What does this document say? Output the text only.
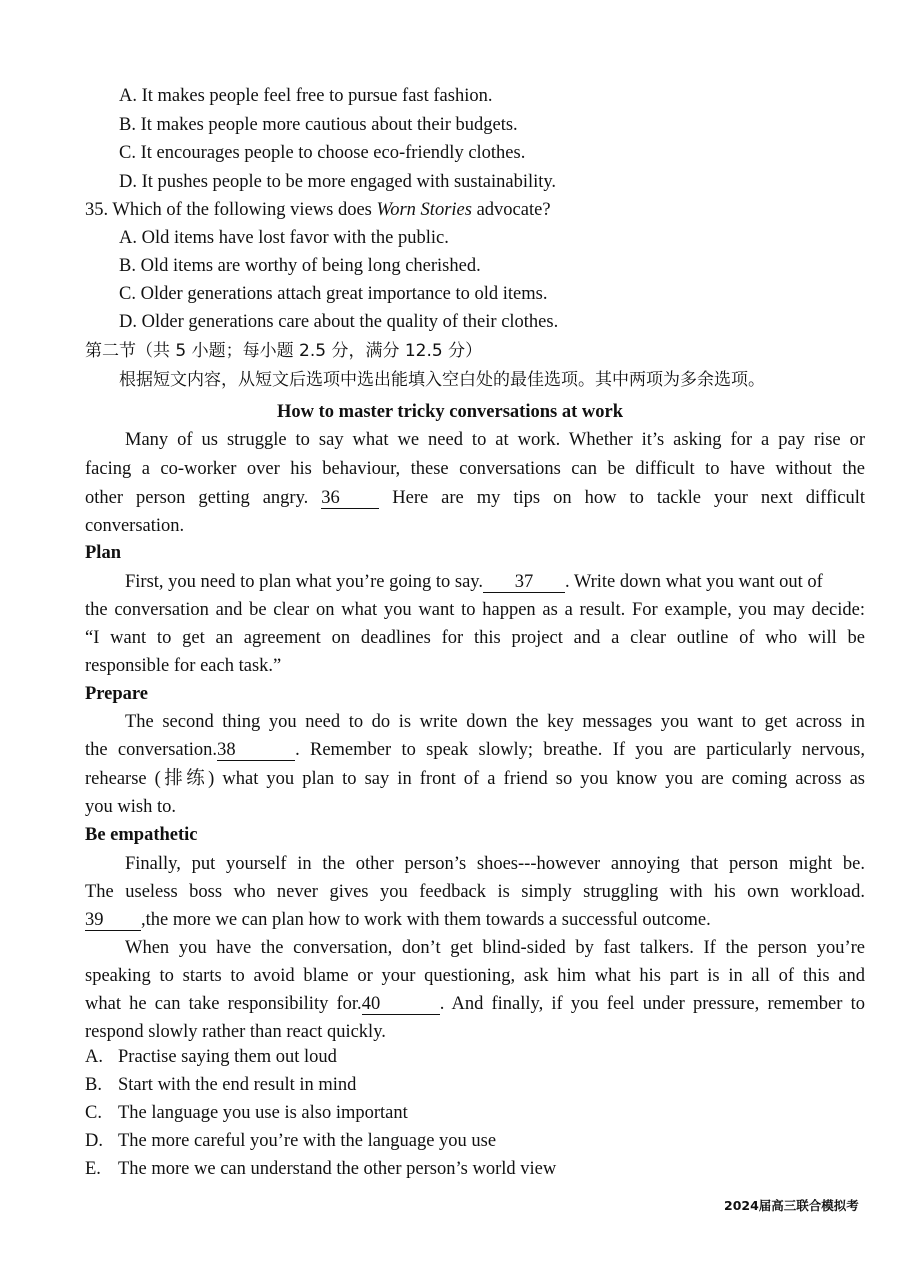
A. It makes people feel free to pursue fast fashion.
B. It makes people more cautious about their budgets.
C. It encourages people to choose eco-friendly clothes.
D. It pushes people to be more engaged with sustainability.
35. Which of the following views does Worn Stories advocate?
A. Old items have lost favor with the public.
B. Old items are worthy of being long cherished.
C. Older generations attach great importance to old items.
D. Older generations care about the quality of their clothes.
第二节（共 5 小题；每小题 2.5 分，满分 12.5 分）
根据短文内容，从短文后选项中选出能填入空白处的最佳选项。其中两项为多余选项。
How to master tricky conversations at work
Many of us struggle to say what we need to at work. Whether it’s asking for a pay rise or
facing a co-worker over his behaviour, these conversations can be difficult to have without the
other person getting angry. 36	Here are my tips on how to tackle your next difficult
conversation.
Plan
First, you need to plan what you’re going to say. 37 . Write down what you want out of
the conversation and be clear on what you want to happen as a result. For example, you may decide:
“I want to get an agreement on deadlines for this project and a clear outline of who will be
responsible for each task.”
Prepare
The second thing you need to do is write down the key messages you want to get across in
the conversation.38	. Remember to speak slowly; breathe. If you are particularly nervous,
rehearse (排练) what you plan to say in front of a friend so you know you are coming across as
you wish to.
Be empathetic
Finally, put yourself in the other person’s shoes---however annoying that person might be.
The useless boss who never gives you feedback is simply struggling with his own workload.
39 ,the more we can plan how to work with them towards a successful outcome.
When you have the conversation, don’t get blind-sided by fast talkers. If the person you’re
speaking to starts to avoid blame or your questioning, ask him what his part is in all of this and
what he can take responsibility for.40	. And finally, if you feel under pressure, remember to
respond slowly rather than react quickly.
A. Practise saying them out loud
B. Start with the end result in mind
C. The language you use is also important
D. The more careful you’re with the language you use
E. The more we can understand the other person’s world view
2024届高三联合模拟考
